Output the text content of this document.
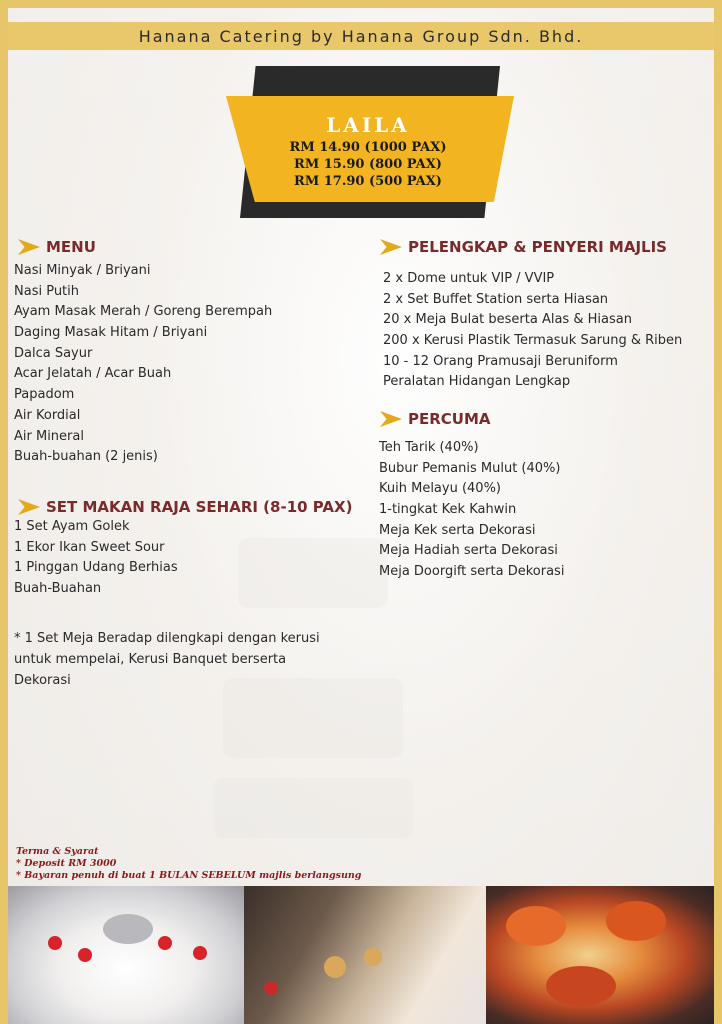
Hanana Catering by Hanana Group Sdn. Bhd.
LAILA
RM 14.90 (1000 PAX)
RM 15.90 (800 PAX)
RM 17.90 (500 PAX)
MENU
Nasi Minyak / Briyani
Nasi Putih
Ayam Masak Merah / Goreng Berempah
Daging Masak Hitam / Briyani
Dalca Sayur
Acar Jelatah / Acar Buah
Papadom
Air Kordial
Air Mineral
Buah-buahan (2 jenis)
SET MAKAN RAJA SEHARI (8-10 PAX)
1 Set Ayam Golek
1 Ekor Ikan Sweet Sour
1 Pinggan Udang Berhias
Buah-Buahan
* 1 Set Meja Beradap dilengkapi dengan kerusi untuk mempelai, Kerusi Banquet berserta Dekorasi
PELENGKAP & PENYERI MAJLIS
2 x Dome untuk VIP / VVIP
2 x Set Buffet Station serta Hiasan
20 x Meja Bulat beserta Alas & Hiasan
200 x Kerusi Plastik Termasuk Sarung & Riben
10 - 12 Orang Pramusaji Beruniform
Peralatan Hidangan Lengkap
PERCUMA
Teh Tarik (40%)
Bubur Pemanis Mulut (40%)
Kuih Melayu (40%)
1-tingkat Kek Kahwin
Meja Kek serta Dekorasi
Meja Hadiah serta Dekorasi
Meja Doorgift serta Dekorasi
Terma & Syarat
* Deposit RM 3000
* Bayaran penuh di buat 1 BULAN SEBELUM majlis berlangsung
